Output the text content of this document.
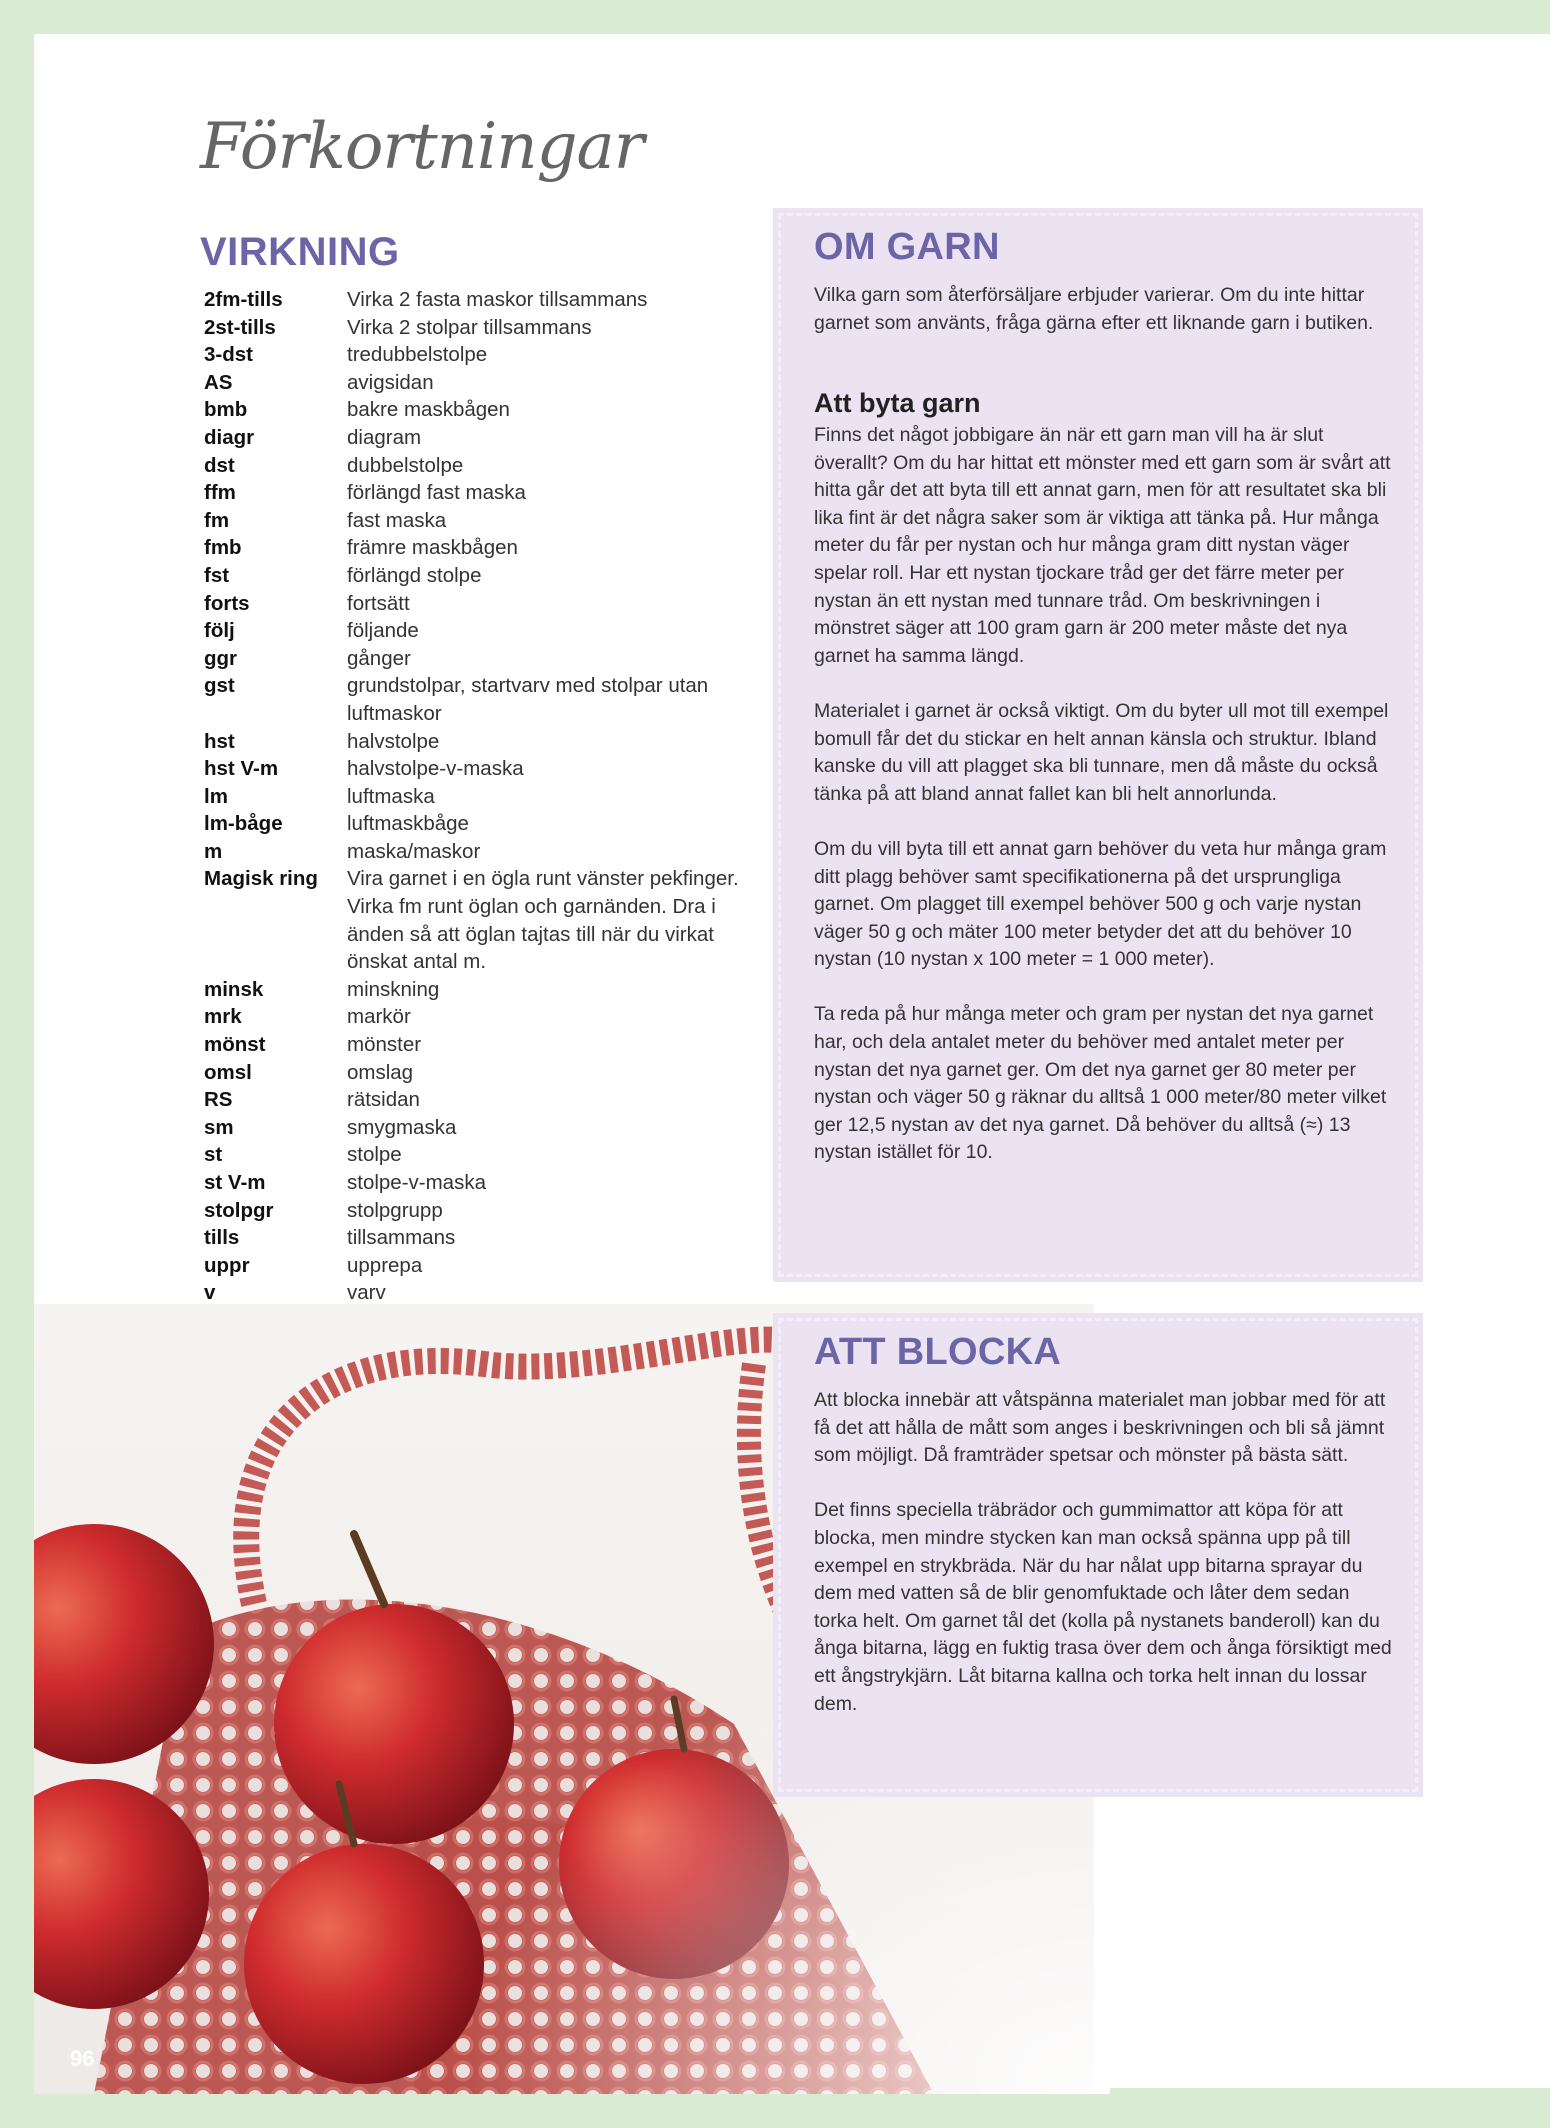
Förkortningar
VIRKNING
2fm-tills	Virka 2 fasta maskor tillsammans
2st-tills	Virka 2 stolpar tillsammans
3-dst	tredubbelstolpe
AS	avigsidan
bmb	bakre maskbågen
diagr	diagram
dst	dubbelstolpe
ffm	förlängd fast maska
fm	fast maska
fmb	främre maskbågen
fst	förlängd stolpe
forts	fortsätt
följ	följande
ggr	gånger
gst	grundstolpar, startvarv med stolpar utan luftmaskor
hst	halvstolpe
hst V-m	halvstolpe-v-maska
lm	luftmaska
lm-båge	luftmaskbåge
m	maska/maskor
Magisk ring	Vira garnet i en ögla runt vänster pekfinger. Virka fm runt öglan och garnänden. Dra i änden så att öglan tajtas till när du virkat önskat antal m.
minsk	minskning
mrk	markör
mönst	mönster
omsl	omslag
RS	rätsidan
sm	smygmaska
st	stolpe
st V-m	stolpe-v-maska
stolpgr	stolpgrupp
tills	tillsammans
uppr	upprepa
v	varv
96
OM GARN
Vilka garn som återförsäljare erbjuder varierar. Om du inte hittar garnet som använts, fråga gärna efter ett liknande garn i butiken.
Att byta garn

Finns det något jobbigare än när ett garn man vill ha är slut överallt? Om du har hittat ett mönster med ett garn som är svårt att hitta går det att byta till ett annat garn, men för att resultatet ska bli lika fint är det några saker som är viktiga att tänka på. Hur många meter du får per nystan och hur många gram ditt nystan väger spelar roll. Har ett nystan tjockare tråd ger det färre meter per nystan än ett nystan med tunnare tråd. Om beskrivningen i mönstret säger att 100 gram garn är 200 meter måste det nya garnet ha samma längd.

Materialet i garnet är också viktigt. Om du byter ull mot till exempel bomull får det du stickar en helt annan känsla och struktur. Ibland kanske du vill att plagget ska bli tunnare, men då måste du också tänka på att bland annat fallet kan bli helt annorlunda.

Om du vill byta till ett annat garn behöver du veta hur många gram ditt plagg behöver samt specifikationerna på det ursprungliga garnet. Om plagget till exempel behöver 500 g och varje nystan väger 50 g och mäter 100 meter betyder det att du behöver 10 nystan (10 nystan x 100 meter = 1 000 meter).

Ta reda på hur många meter och gram per nystan det nya garnet har, och dela antalet meter du behöver med antalet meter per nystan det nya garnet ger. Om det nya garnet ger 80 meter per nystan och väger 50 g räknar du alltså 1 000 meter/80 meter vilket ger 12,5 nystan av det nya garnet. Då behöver du alltså (≈) 13 nystan istället för 10.

ATT BLOCKA

Att blocka innebär att våtspänna materialet man jobbar med för att få det att hålla de mått som anges i beskrivningen och bli så jämnt som möjligt. Då framträder spetsar och mönster på bästa sätt.

Det finns speciella träbrädor och gummimattor att köpa för att blocka, men mindre stycken kan man också spänna upp på till exempel en strykbräda. När du har nålat upp bitarna sprayar du dem med vatten så de blir genomfuktade och låter dem sedan torka helt. Om garnet tål det (kolla på nystanets banderoll) kan du ånga bitarna, lägg en fuktig trasa över dem och ånga försiktigt med ett ångstrykjärn. Låt bitarna kallna och torka helt innan du lossar dem.
